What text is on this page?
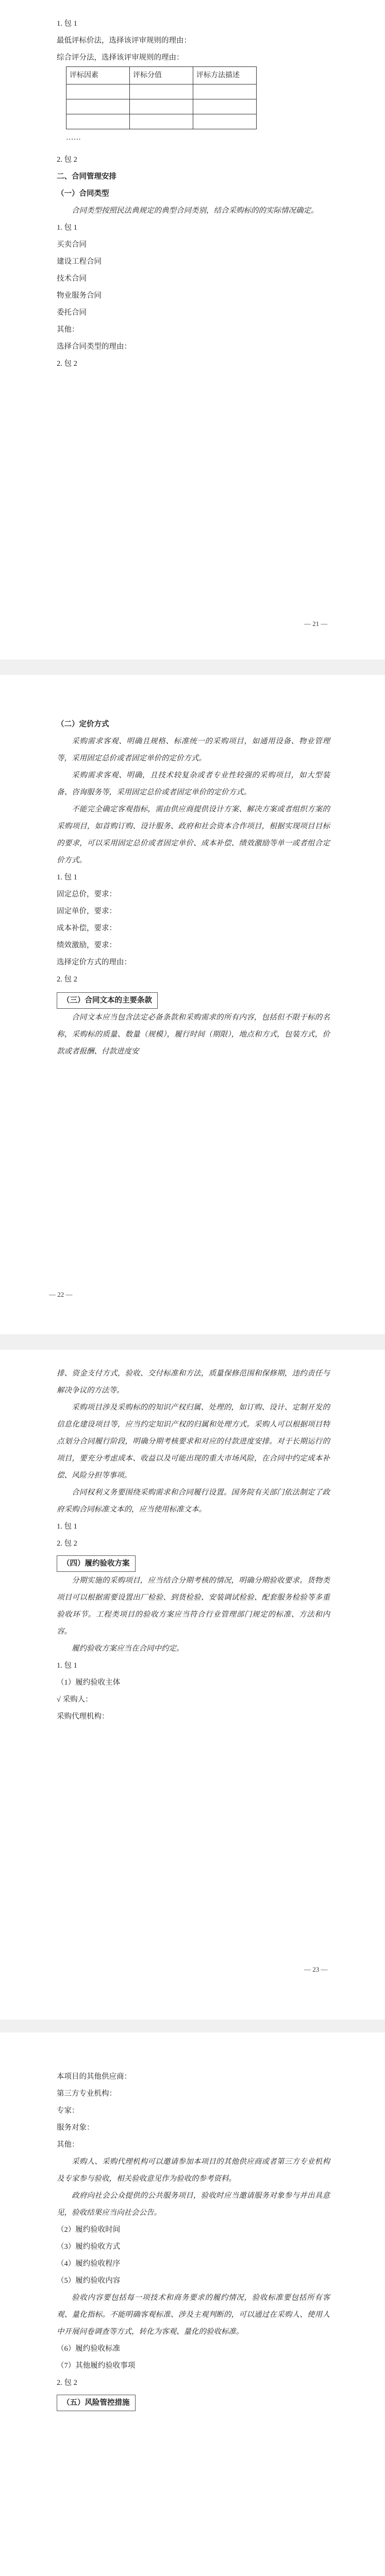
1. 包 1
最低评标价法，选择该评审规则的理由：
综合评分法，选择该评审规则的理由：
评标因素	评标分值	评标方法描述

……
2. 包 2
二、合同管理安排
（一）合同类型
合同类型按照民法典规定的典型合同类别，结合采购标的的实际情况确定。
1. 包 1
买卖合同
建设工程合同
技术合同
物业服务合同
委托合同
其他：
选择合同类型的理由：
2. 包 2
— 21 —
（二）定价方式
采购需求客观、明确且规格、标准统一的采购项目，如通用设备、物业管理等，采用固定总价或者固定单价的定价方式。
采购需求客观、明确，且技术较复杂或者专业性较强的采购项目，如大型装备、咨询服务等，采用固定总价或者固定单价的定价方式。
不能完全确定客观指标，需由供应商提供设计方案、解决方案或者组织方案的采购项目，如首购订购、设计服务、政府和社会资本合作项目，根据实现项目目标的要求，可以采用固定总价或者固定单价、成本补偿、绩效激励等单一或者组合定价方式。
1. 包 1
固定总价，要求：
固定单价，要求：
成本补偿，要求：
绩效激励，要求：
选择定价方式的理由：
2. 包 2
（三）合同文本的主要条款
合同文本应当包含法定必备条款和采购需求的所有内容，包括但不限于标的名称，采购标的质量、数量（规模），履行时间（期限），地点和方式，包装方式，价款或者报酬、付款进度安
— 22 —
排、资金支付方式，验收、交付标准和方法，质量保修范围和保修期，违约责任与解决争议的方法等。
采购项目涉及采购标的的知识产权归属、处理的，如订购、设计、定制开发的信息化建设项目等，应当约定知识产权的归属和处理方式。采购人可以根据项目特点划分合同履行阶段，明确分期考核要求和对应的付款进度安排。对于长期运行的项目，要充分考虑成本、收益以及可能出现的重大市场风险，在合同中约定成本补偿、风险分担等事项。
合同权利义务要围绕采购需求和合同履行设置。国务院有关部门依法制定了政府采购合同标准文本的，应当使用标准文本。
1. 包 1
2. 包 2
（四）履约验收方案
分期实施的采购项目，应当结合分期考核的情况，明确分期验收要求。货物类项目可以根据需要设置出厂检验、到货检验、安装调试检验、配套服务检验等多重验收环节。工程类项目的验收方案应当符合行业管理部门规定的标准、方法和内容。
履约验收方案应当在合同中约定。
1. 包 1
（1）履约验收主体
√ 采购人：
采购代理机构：
— 23 —
本项目的其他供应商：
第三方专业机构：
专家：
服务对象：
其他：
采购人、采购代理机构可以邀请参加本项目的其他供应商或者第三方专业机构及专家参与验收，相关验收意见作为验收的参考资料。
政府向社会公众提供的公共服务项目，验收时应当邀请服务对象参与并出具意见，验收结果应当向社会公告。
（2）履约验收时间
（3）履约验收方式
（4）履约验收程序
（5）履约验收内容
验收内容要包括每一项技术和商务要求的履约情况，验收标准要包括所有客观、量化指标。不能明确客观标准、涉及主观判断的，可以通过在采购人、使用人中开展问卷调查等方式，转化为客观、量化的验收标准。
（6）履约验收标准
（7）其他履约验收事项
2. 包 2
（五）风险管控措施
